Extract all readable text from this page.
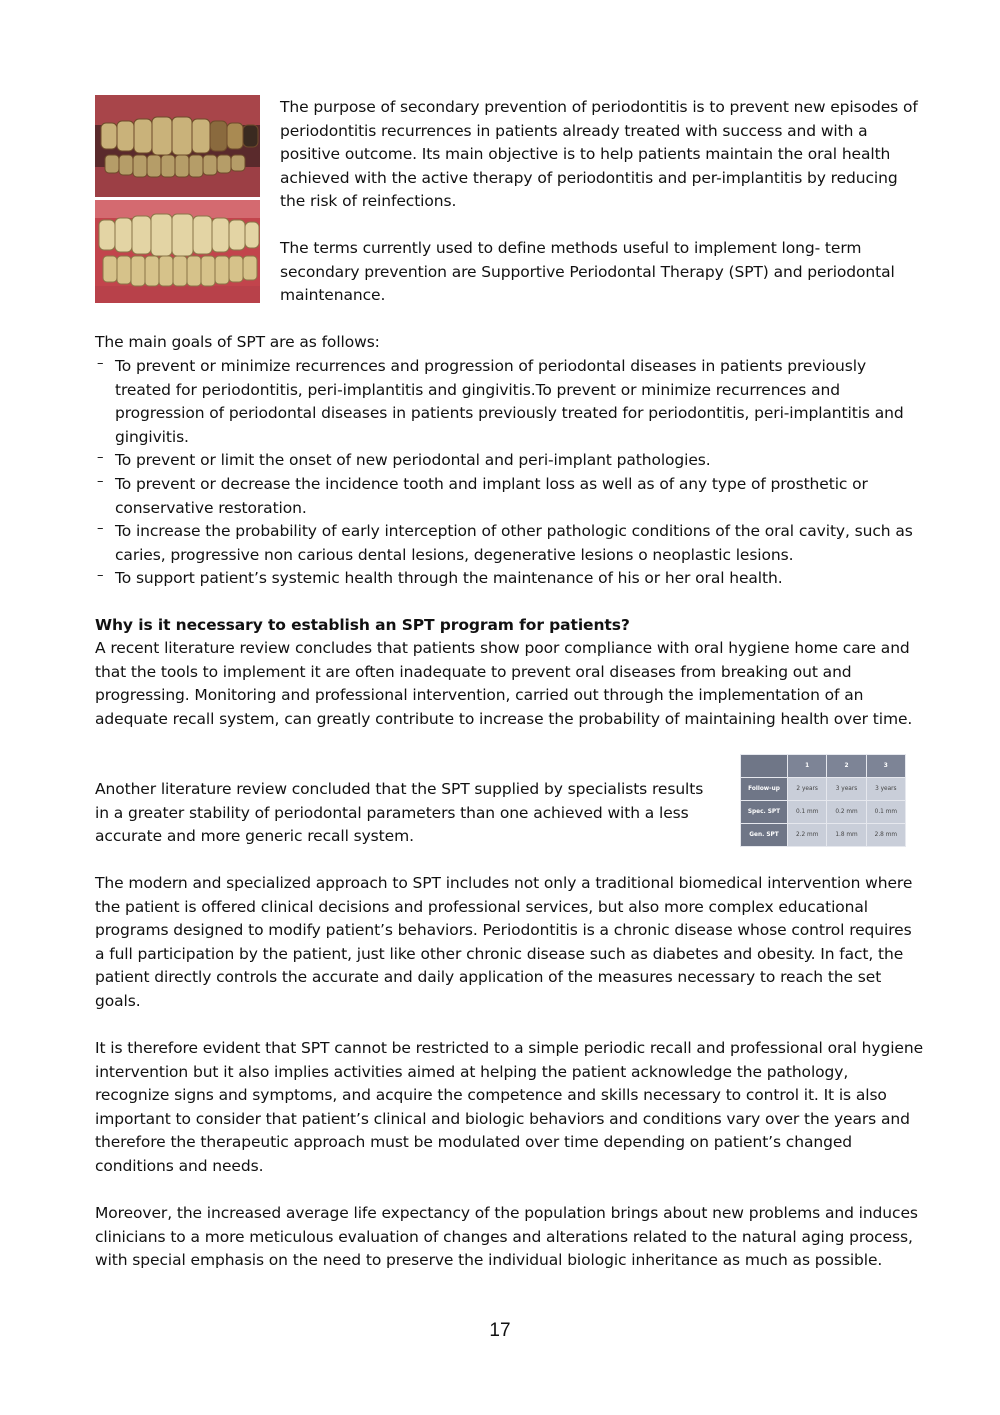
The purpose of secondary prevention of periodontitis is to prevent new episodes of periodontitis recurrences in patients already treated with success and with a positive outcome. Its main objective is to help patients maintain the oral health achieved with the active therapy of periodontitis and per-implantitis by reducing the risk of reinfections.

The terms currently used to define methods useful to implement long- term secondary prevention are Supportive Periodontal Therapy (SPT) and periodontal maintenance.

The main goals of SPT are as follows:

– To prevent or minimize recurrences and progression of periodontal diseases in patients previously treated for periodontitis, peri-implantitis and gingivitis.To prevent or minimize recurrences and progression of periodontal diseases in patients previously treated for periodontitis, peri-implantitis and gingivitis.
– To prevent or limit the onset of new periodontal and peri-implant pathologies.
– To prevent or decrease the incidence tooth and implant loss as well as of any type of prosthetic or conservative restoration.
– To increase the probability of early interception of other pathologic conditions of the oral cavity, such as caries, progressive non carious dental lesions, degenerative lesions o neoplastic lesions.
– To support patient’s systemic health through the maintenance of his or her oral health.

Why is it necessary to establish an SPT program for patients?

A recent literature review concludes that patients show poor compliance with oral hygiene home care and that the tools to implement it are often inadequate to prevent oral diseases from breaking out and progressing. Monitoring and professional intervention, carried out through the implementation of an adequate recall system, can greatly contribute to increase the probability of maintaining health over time.

Another literature review concluded that the SPT supplied by specialists results in a greater stability of periodontal parameters than one achieved with a less accurate and more generic recall system.

	1	2	3
Follow-up	2 years	3 years	3 years
Spec. SPT	0.1 mm	0.2 mm	0.1 mm
Gen. SPT	2.2 mm	1.8 mm	2.8 mm

The modern and specialized approach to SPT includes not only a traditional biomedical intervention where the patient is offered clinical decisions and professional services, but also more complex educational programs designed to modify patient’s behaviors. Periodontitis is a chronic disease whose control requires a full participation by the patient, just like other chronic disease such as diabetes and obesity. In fact, the patient directly controls the accurate and daily application of the measures necessary to reach the set goals.

It is therefore evident that SPT cannot be restricted to a simple periodic recall and professional oral hygiene intervention but it also implies activities aimed at helping the patient acknowledge the pathology, recognize signs and symptoms, and acquire the competence and skills necessary to control it. It is also important to consider that patient’s clinical and biologic behaviors and conditions vary over the years and therefore the therapeutic approach must be modulated over time depending on patient’s changed conditions and needs.

Moreover, the increased average life expectancy of the population brings about new problems and induces clinicians to a more meticulous evaluation of changes and alterations related to the natural aging process, with special emphasis on the need to preserve the individual biologic inheritance as much as possible.

17
